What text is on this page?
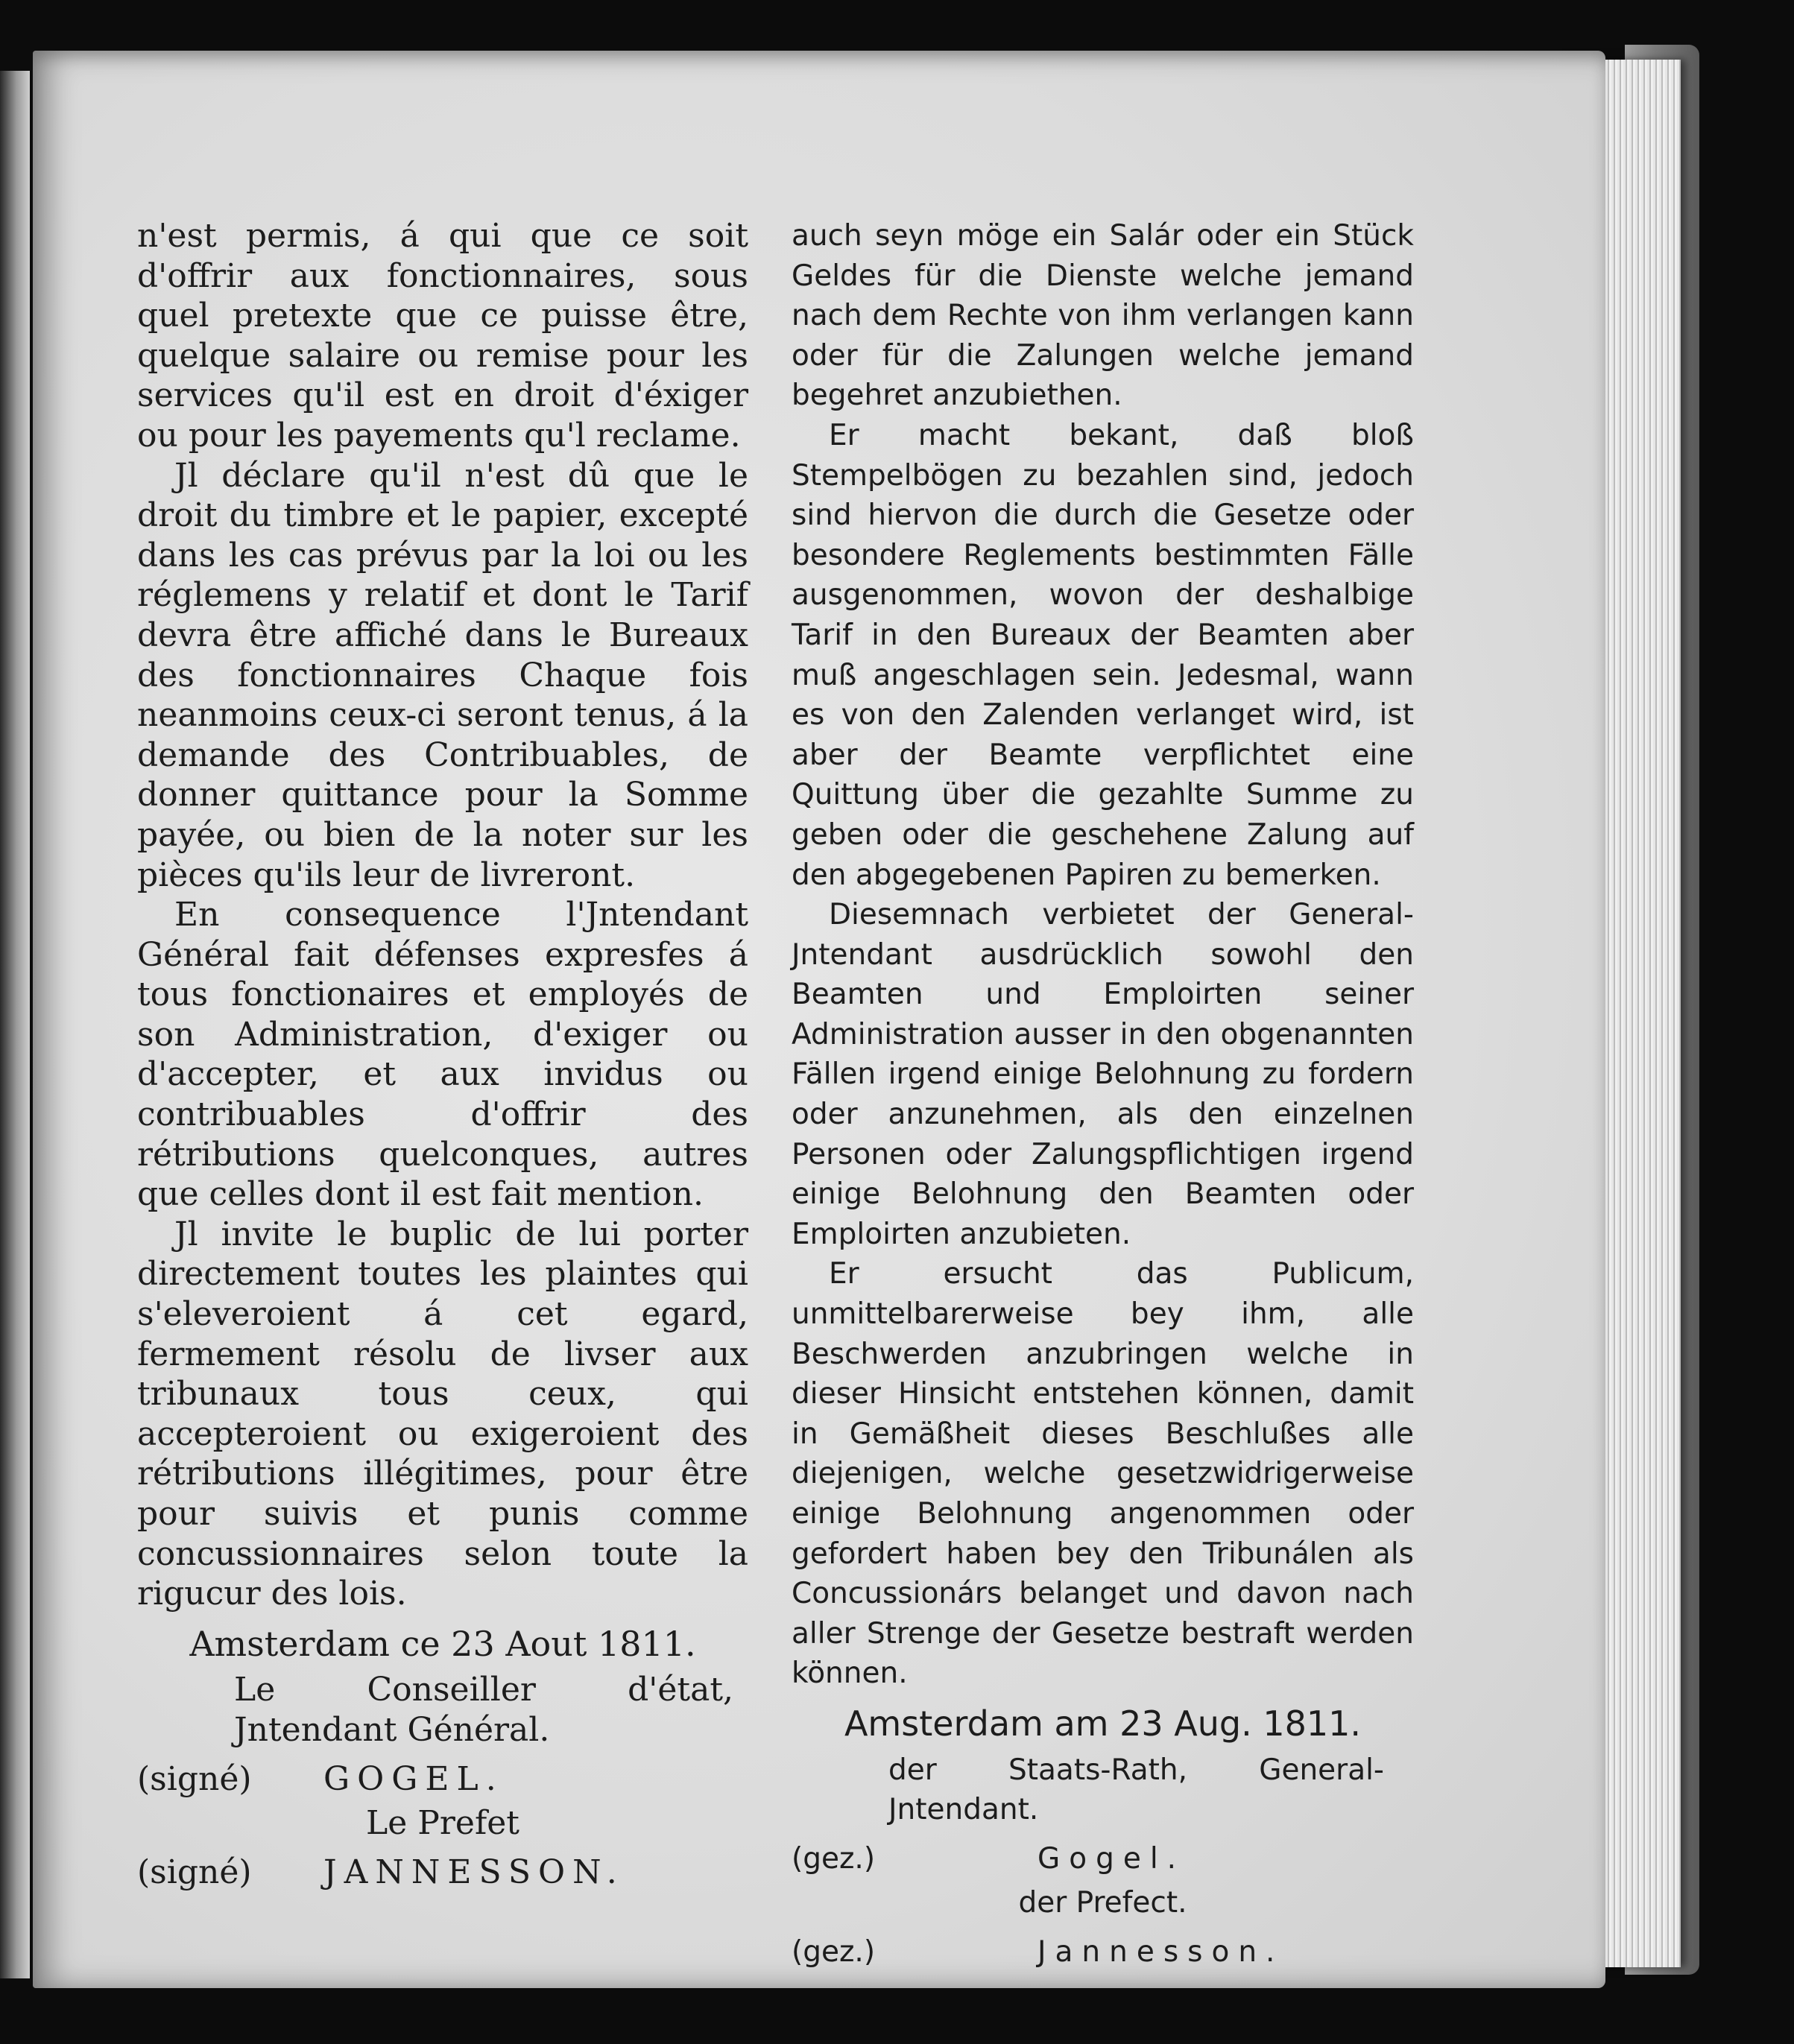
n'est permis, á qui que ce soit d'offrir aux fonctionnaires, sous quel pretexte que ce puisse être, quelque salaire ou remise pour les services qu'il est en droit d'éxiger ou pour les payements qu'l reclame.

Jl déclare qu'il n'est dû que le droit du timbre et le papier, excepté dans les cas prévus par la loi ou les réglemens y relatif et dont le Tarif devra être affiché dans le Bureaux des fonctionnaires Chaque fois neanmoins ceux-ci seront tenus, á la demande des Contribuables, de donner quittance pour la Somme payée, ou bien de la noter sur les pièces qu'ils leur de livreront.

En consequence l'Jntendant Général fait défenses expresfes á tous fonctionaires et employés de son Administration, d'exiger ou d'accepter, et aux invidus ou contribuables d'offrir des rétributions quelconques, autres que celles dont il est fait mention.

Jl invite le buplic de lui porter directement toutes les plaintes qui s'eleveroient á cet egard, fermement résolu de livser aux tribunaux tous ceux, qui accepteroient ou exigeroient des rétributions illégitimes, pour être pour suivis et punis comme concussionnaires selon toute la rigucur des lois.

Amsterdam ce 23 Aout 1811.

Le Conseiller d'état, Jntendant Général.

(signé)	GOGEL.

Le Prefet

(signé)	JANNESSON.

auch seyn möge ein Salár oder ein Stück Geldes für die Dienste welche jemand nach dem Rechte von ihm verlangen kann oder für die Zalungen welche jemand begehret anzubiethen.

Er macht bekant, daß bloß Stempelbögen zu bezahlen sind, jedoch sind hiervon die durch die Gesetze oder besondere Reglements bestimmten Fälle ausgenommen, wovon der deshalbige Tarif in den Bureaux der Beamten aber muß angeschlagen sein. Jedesmal, wann es von den Zalenden verlanget wird, ist aber der Beamte verpflichtet eine Quittung über die gezahlte Summe zu geben oder die geschehene Zalung auf den abgegebenen Papiren zu bemerken.

Diesemnach verbietet der General-Jntendant ausdrücklich sowohl den Beamten und Emploirten seiner Administration ausser in den obgenannten Fällen irgend einige Belohnung zu fordern oder anzunehmen, als den einzelnen Personen oder Zalungspflichtigen irgend einige Belohnung den Beamten oder Emploirten anzubieten.

Er ersucht das Publicum, unmittelbarerweise bey ihm, alle Beschwerden anzubringen welche in dieser Hinsicht entstehen können, damit in Gemäßheit dieses Beschlußes alle diejenigen, welche gesetzwidrigerweise einige Belohnung angenommen oder gefordert haben bey den Tribunálen als Concussionárs belanget und davon nach aller Strenge der Gesetze bestraft werden können.

Amsterdam am 23 Aug. 1811.

der Staats-Rath, General-Jntendant.

(gez.)	Gogel.

der Prefect.

(gez.)	Jannesson.
